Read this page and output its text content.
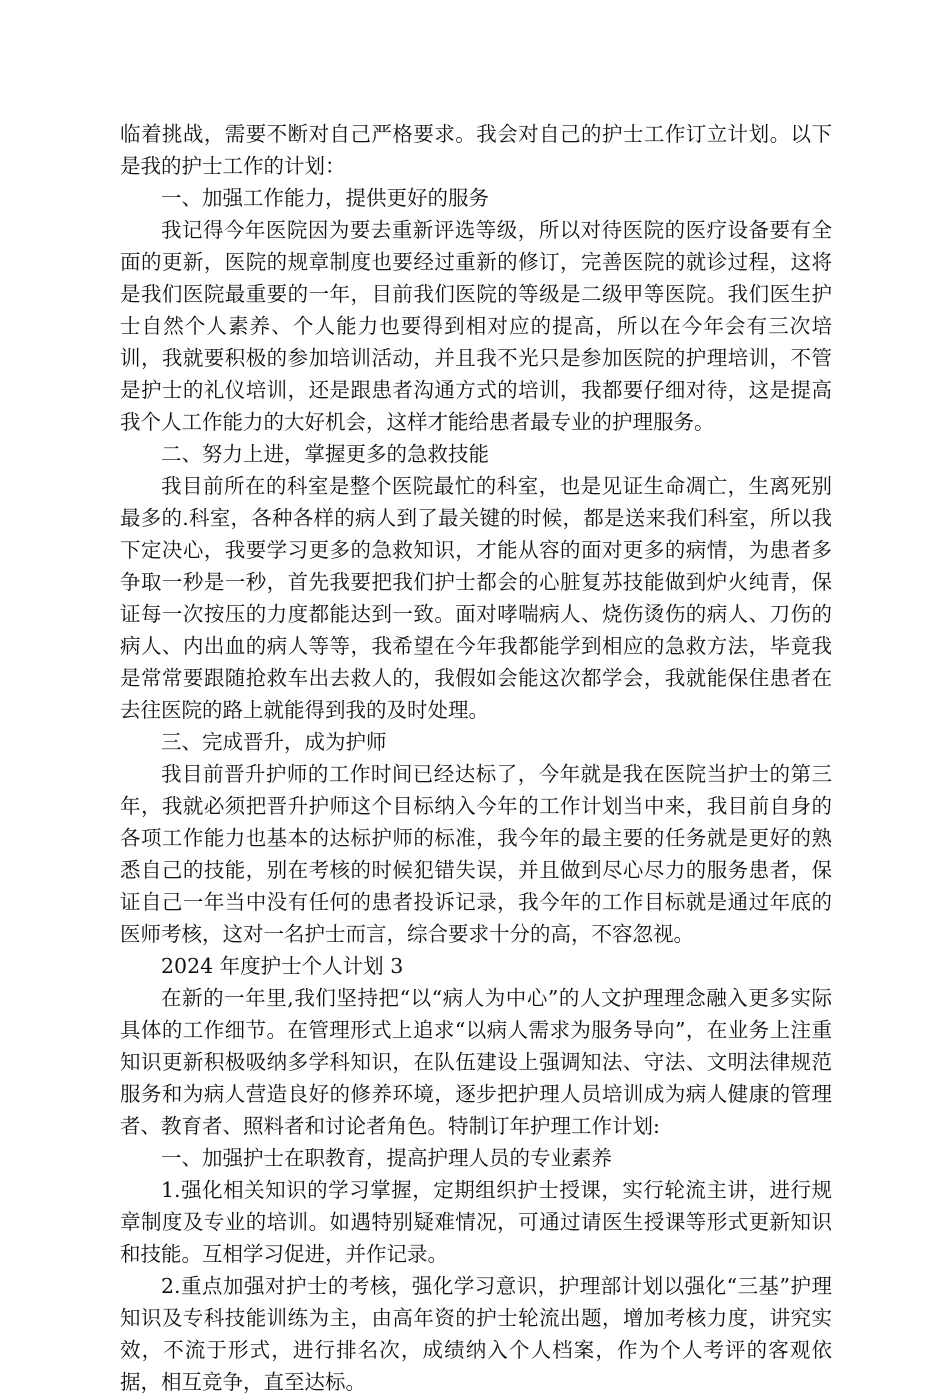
临着挑战，需要不断对自己严格要求。我会对自己的护士工作订立计划。以下是我的护士工作的计划：

一、加强工作能力，提供更好的服务

我记得今年医院因为要去重新评选等级，所以对待医院的医疗设备要有全面的更新，医院的规章制度也要经过重新的修订，完善医院的就诊过程，这将是我们医院最重要的一年，目前我们医院的等级是二级甲等医院。我们医生护士自然个人素养、个人能力也要得到相对应的提高，所以在今年会有三次培训，我就要积极的参加培训活动，并且我不光只是参加医院的护理培训，不管是护士的礼仪培训，还是跟患者沟通方式的培训，我都要仔细对待，这是提高我个人工作能力的大好机会，这样才能给患者最专业的护理服务。

二、努力上进，掌握更多的急救技能

我目前所在的科室是整个医院最忙的科室，也是见证生命凋亡，生离死别最多的.科室，各种各样的病人到了最关键的时候，都是送来我们科室，所以我下定决心，我要学习更多的急救知识，才能从容的面对更多的病情，为患者多争取一秒是一秒，首先我要把我们护士都会的心脏复苏技能做到炉火纯青，保证每一次按压的力度都能达到一致。面对哮喘病人、烧伤烫伤的病人、刀伤的病人、内出血的病人等等，我希望在今年我都能学到相应的急救方法，毕竟我是常常要跟随抢救车出去救人的，我假如会能这次都学会，我就能保住患者在去往医院的路上就能得到我的及时处理。

三、完成晋升，成为护师

我目前晋升护师的工作时间已经达标了，今年就是我在医院当护士的第三年，我就必须把晋升护师这个目标纳入今年的工作计划当中来，我目前自身的各项工作能力也基本的达标护师的标准，我今年的最主要的任务就是更好的熟悉自己的技能，别在考核的时候犯错失误，并且做到尽心尽力的服务患者，保证自己一年当中没有任何的患者投诉记录，我今年的工作目标就是通过年底的医师考核，这对一名护士而言，综合要求十分的高，不容忽视。

2024 年度护士个人计划 3

在新的一年里,我们坚持把“以“病人为中心”的人文护理理念融入更多实际具体的工作细节。在管理形式上追求“以病人需求为服务导向”，在业务上注重知识更新积极吸纳多学科知识，在队伍建设上强调知法、守法、文明法律规范服务和为病人营造良好的修养环境，逐步把护理人员培训成为病人健康的管理者、教育者、照料者和讨论者角色。特制订年护理工作计划:

一、加强护士在职教育，提高护理人员的专业素养

1.强化相关知识的学习掌握，定期组织护士授课，实行轮流主讲，进行规章制度及专业的培训。如遇特别疑难情况，可通过请医生授课等形式更新知识和技能。互相学习促进，并作记录。

2.重点加强对护士的考核，强化学习意识，护理部计划以强化“三基”护理知识及专科技能训练为主，由高年资的护士轮流出题，增加考核力度，讲究实效，不流于形式，进行排名次，成绩纳入个人档案，作为个人考评的客观依据，相互竞争，直至达标。
